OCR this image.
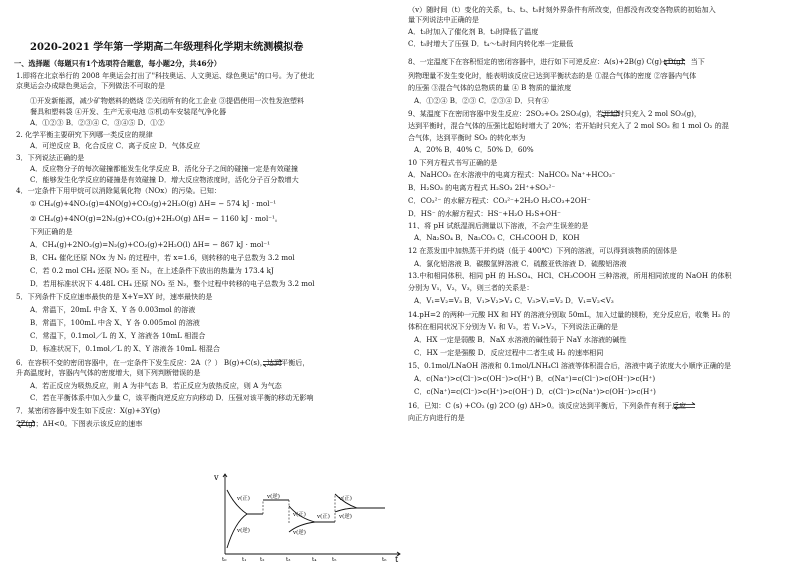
2020-2021 学年第一学期高二年级理科化学期末统测模拟卷
一、选择题（每题只有1个选项符合题意，每小题2分，共46分）
1.即将在北京举行的 2008 年奥运会打出了"科技奥运、人文奥运、绿色奥运"的口号。为了使北
京奥运会办成绿色奥运会，下列做法不可取的是
①开发新能源，减少矿物燃料的燃烧 ②关闭所有的化工企业 ③提倡使用一次性发泡塑料
餐具和塑料袋 ④开发、生产无汞电池 ⑤机动车安装尾气净化器
A．①②③ B．②③④ C．③④⑤ D．①②
2. 化学平衡主要研究下列哪一类反应的规律
A．可逆反应 B．化合反应 C．离子反应 D．气体反应
3．下列说法正确的是
A．反应物分子的每次碰撞都能发生化学反应 B．活化分子之间的碰撞一定是有效碰撞
C．能够发生化学反应的碰撞是有效碰撞 D．增大反应物浓度时，活化分子百分数增大
4．一定条件下用甲烷可以消除氮氧化物（NOx）的污染。已知：
① CH₄(g)+4NO₂(g)=4NO(g)+CO₂(g)+2H₂O(g) ΔH= − 574 kJ · mol⁻¹
② CH₄(g)+4NO(g)=2N₂(g)+CO₂(g)+2H₂O(g) ΔH= − 1160 kJ · mol⁻¹。
下列正确的是
A．CH₄(g)+2NO₂(g)=N₂(g)+CO₂(g)+2H₂O(l) ΔH= − 867 kJ · mol⁻¹
B．CH₄ 催化还原 NOx 为 N₂ 的过程中，若 x=1.6，则转移的电子总数为 3.2 mol
C．若 0.2 mol CH₄ 还原 NO₂ 至 N₂，在上述条件下放出的热量为 173.4 kJ
D．若用标准状况下 4.48L CH₄ 还原 NO₂ 至 N₂，整个过程中转移的电子总数为 3.2 mol
5．下列条件下反应速率最快的是 X+Y=XY 时，速率最快的是
A．常温下，20mL 中含 X、Y 各 0.003mol 的溶液
B．常温下，100mL 中含 X、Y 各 0.005mol 的溶液
C．常温下，0.1mol／L 的 X、Y 溶液各 10mL 相混合
D．标准状况下，0.1mol／L 的 X、Y 溶液各 10mL 相混合
6．在容积不变的密闭容器中，在一定条件下发生反应：2A（？） B(g)+C(s)，达到平衡后，
升高温度时，容器内气体的密度增大，则下列判断错误的是
A．若正反应为吸热反应，则 A 为非气态 B．若正反应为放热反应，则 A 为气态
C．若在平衡体系中加入少量 C，该平衡向逆反应方向移动 D．压强对该平衡的移动无影响
7．某密闭容器中发生如下反应：X(g)+3Y(g)
2Z(g)；ΔH<0。下图表示该反应的速率
（v）随时间（t）变化的关系，t₂、t₃、t₅时刻外界条件有所改变，但都没有改变各物质的初始加入
量下列说法中正确的是
A．t₂时加入了催化剂 B．t₃时降低了温度
C．t₅时增大了压强 D．t₄～t₅时间内转化率一定最低
8、一定温度下在容积恒定的密闭容器中，进行如下可逆反应：A(s)+2B(g) C(g)+D(g)，当下
列物理量不发生变化时，能表明该反应已达到平衡状态的是 ①混合气体的密度 ②容器内气体
的压强 ③混合气体的总物质的量 ④ B 物质的量浓度
A．①②④ B．②③ C．②③④ D．只有④
9、某温度下在密闭容器中发生反应：2SO₂+O₂ 2SO₃(g)，若开始时只充入 2 mol SO₃(g)，
达到平衡时，混合气体的压强比起始时增大了 20%；若开始时只充入了 2 mol SO₂ 和 1 mol O₂ 的混
合气体，达到平衡时 SO₂ 的转化率为
A．20% B．40% C．50% D．60%
10 下列方程式书写正确的是
A．NaHCO₃ 在水溶液中的电离方程式：NaHCO₃ Na⁺+HCO₃⁻
B．H₂SO₃ 的电离方程式 H₂SO₃ 2H⁺+SO₃²⁻
C．CO₃²⁻ 的水解方程式：CO₃²⁻+2H₂O H₂CO₃+2OH⁻
D．HS⁻ 的水解方程式：HS⁻+H₂O H₂S+OH⁻
11、将 pH 试纸湿润后测量以下溶液，不会产生误差的是
A．Na₂SO₄ B．Na₂CO₃ C．CH₃COOH D．KOH
12 在蒸发皿中加热蒸干并灼烧（低于 400℃）下列的溶液，可以得到该物质的固体是
A．氯化铝溶液 B．碳酸氢钾溶液 C．硫酸亚铁溶液 D．硫酸铝溶液
13.中和相同体积、相同 pH 的 H₂SO₄、HCl、CH₃COOH 三种溶液，所用相同浓度的 NaOH 的体积
分别为 V₁，V₂，V₃，则三者的关系是：
A．V₁=V₂=V₃ B．V₁>V₂>V₃ C．V₃>V₁=V₂ D．V₁=V₂<V₃
14.pH=2 的两种一元酸 HX 和 HY 的溶液分别取 50mL，加入过量的镁粉，充分反应后，收集 H₂ 的
体积在相同状况下分别为 V₁ 和 V₂，若 V₁>V₂，下列说法正确的是
A．HX 一定是弱酸 B．NaX 水溶液的碱性弱于 NaY 水溶液的碱性
C．HX 一定是强酸 D．反应过程中二者生成 H₂ 的速率相同
15、0.1mol/LNaOH 溶液和 0.1mol/LNH₄Cl 溶液等体积混合后，溶液中离子浓度大小顺序正确的是
A．c(Na⁺)>c(Cl⁻)>c(OH⁻)>c(H⁺) B．c(Na⁺)=c(Cl⁻)>c(OH⁻)>c(H⁺)
C．c(Na⁺)=c(Cl⁻)>c(H⁺)>c(OH⁻) D．c(Cl⁻)>c(Na⁺)>c(OH⁻)>c(H⁺)
16．已知：C (s) +CO₂ (g) 2CO (g) ΔH>0。该反应达到平衡后，下列条件有利于反应
向正方向进行的是
v
t
v(正)
v(逆)
v(逆)
v(正)
v(逆)
v(正)
v(正)
v(逆)
t₀	t₁ t₂	t₃	t₄	t₅	t₆
